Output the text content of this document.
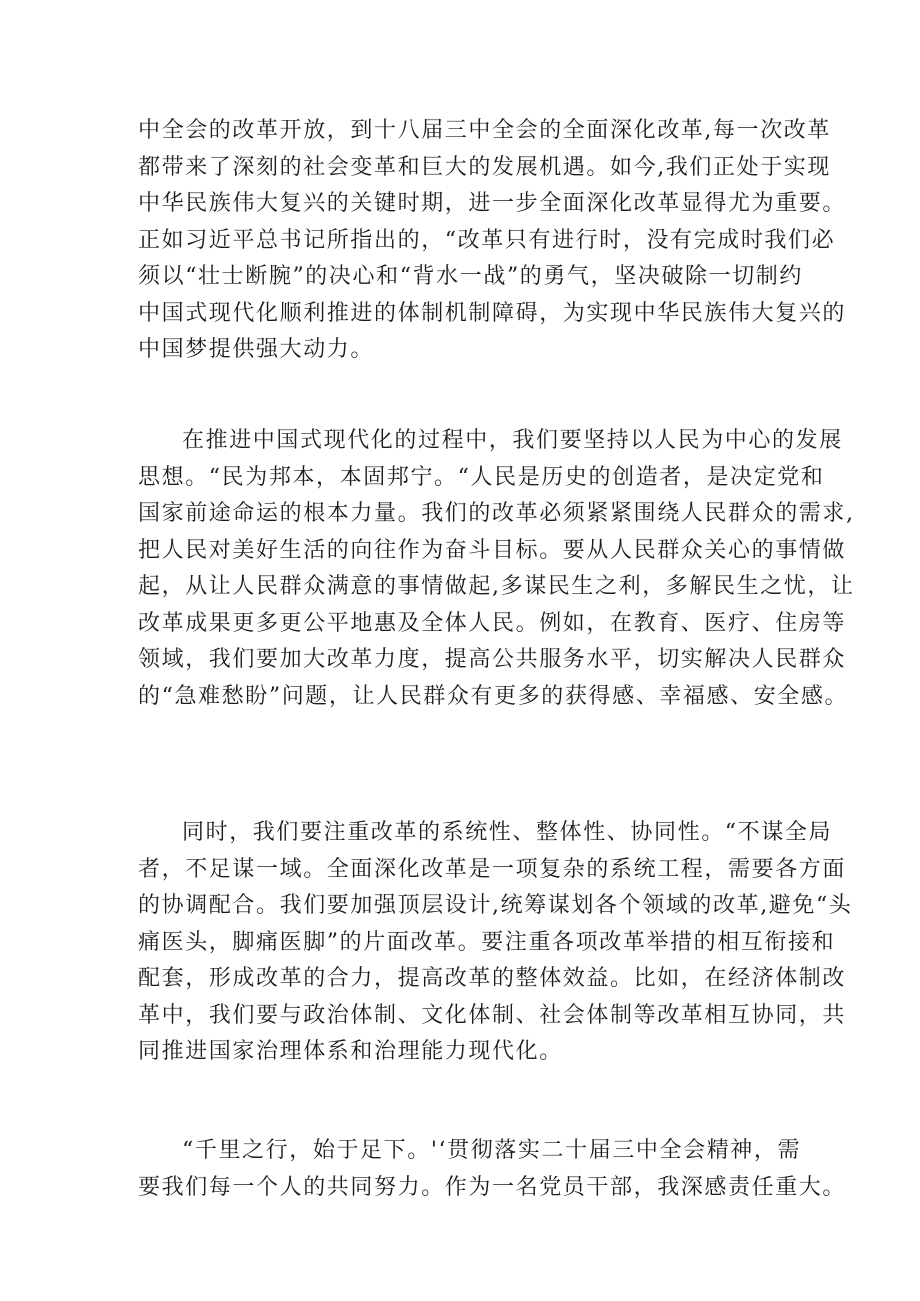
中全会的改革开放，到十八届三中全会的全面深化改革,每一次改革
都带来了深刻的社会变革和巨大的发展机遇。如今,我们正处于实现
中华民族伟大复兴的关键时期，进一步全面深化改革显得尤为重要。
正如习近平总书记所指出的，“改革只有进行时，没有完成时我们必
须以“壮士断腕”的决心和“背水一战”的勇气，坚决破除一切制约
中国式现代化顺利推进的体制机制障碍，为实现中华民族伟大复兴的
中国梦提供强大动力。
在推进中国式现代化的过程中，我们要坚持以人民为中心的发展
思想。“民为邦本，本固邦宁。“人民是历史的创造者，是决定党和
国家前途命运的根本力量。我们的改革必须紧紧围绕人民群众的需求,
把人民对美好生活的向往作为奋斗目标。要从人民群众关心的事情做
起，从让人民群众满意的事情做起,多谋民生之利，多解民生之忧，让
改革成果更多更公平地惠及全体人民。例如，在教育、医疗、住房等
领域，我们要加大改革力度，提高公共服务水平，切实解决人民群众
的“急难愁盼”问题，让人民群众有更多的获得感、幸福感、安全感。
同时，我们要注重改革的系统性、整体性、协同性。“不谋全局
者，不足谋一域。全面深化改革是一项复杂的系统工程，需要各方面
的协调配合。我们要加强顶层设计,统筹谋划各个领域的改革,避免“头
痛医头，脚痛医脚”的片面改革。要注重各项改革举措的相互衔接和
配套，形成改革的合力，提高改革的整体效益。比如，在经济体制改
革中，我们要与政治体制、文化体制、社会体制等改革相互协同，共
同推进国家治理体系和治理能力现代化。
“千里之行，始于足下。'‘贯彻落实二十届三中全会精神，需
要我们每一个人的共同努力。作为一名党员干部，我深感责任重大。
